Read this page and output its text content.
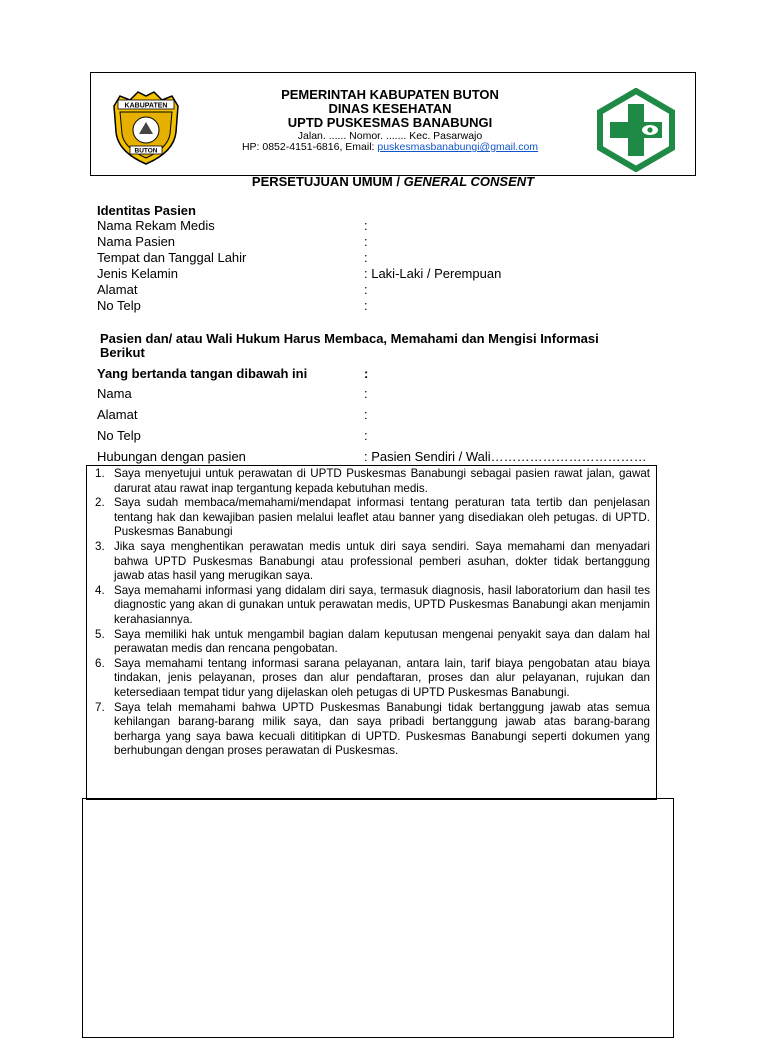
KABUPATEN
BUTON
PEMERINTAH KABUPATEN BUTON
DINAS KESEHATAN
UPTD PUSKESMAS BANABUNGI
Jalan. ...... Nomor. ....... Kec. Pasarwajo
HP: 0852-4151-6816, Email: puskesmasbanabungi@gmail.com
PERSETUJUAN UMUM / GENERAL CONSENT
Identitas Pasien
Nama Rekam Medis	:
Nama Pasien	:
Tempat dan Tanggal Lahir	:
Jenis Kelamin	: Laki-Laki / Perempuan
Alamat	:
No Telp	:
Pasien dan/ atau Wali Hukum Harus Membaca, Memahami dan Mengisi Informasi
Berikut
Yang bertanda tangan dibawah ini	:
Nama	:
Alamat	:
No Telp	:
Hubungan dengan pasien	: Pasien Sendiri / Wali………………………………
1. Saya menyetujui untuk perawatan di UPTD Puskesmas Banabungi sebagai pasien rawat jalan, gawat darurat atau rawat inap tergantung kepada kebutuhan medis.
2. Saya sudah membaca/memahami/mendapat informasi tentang peraturan tata tertib dan penjelasan tentang hak dan kewajiban pasien melalui leaflet atau banner yang disediakan oleh petugas. di UPTD. Puskesmas Banabungi
3. Jika saya menghentikan perawatan medis untuk diri saya sendiri. Saya memahami dan menyadari bahwa UPTD Puskesmas Banabungi atau professional pemberi asuhan, dokter tidak bertanggung jawab atas hasil yang merugikan saya.
4. Saya memahami informasi yang didalam diri saya, termasuk diagnosis, hasil laboratorium dan hasil tes diagnostic yang akan di gunakan untuk perawatan medis, UPTD Puskesmas Banabungi akan menjamin kerahasiannya.
5. Saya memiliki hak untuk mengambil bagian dalam keputusan mengenai penyakit saya dan dalam hal perawatan medis dan rencana pengobatan.
6. Saya memahami tentang informasi sarana pelayanan, antara lain, tarif biaya pengobatan atau biaya tindakan, jenis pelayanan, proses dan alur pendaftaran, proses dan alur pelayanan, rujukan dan ketersediaan tempat tidur yang dijelaskan oleh petugas di UPTD Puskesmas Banabungi.
7. Saya telah memahami bahwa UPTD Puskesmas Banabungi tidak bertanggung jawab atas semua kehilangan barang-barang milik saya, dan saya pribadi bertanggung jawab atas barang-barang berharga yang saya bawa kecuali dititipkan di UPTD. Puskesmas Banabungi seperti dokumen yang berhubungan dengan proses perawatan di Puskesmas.
